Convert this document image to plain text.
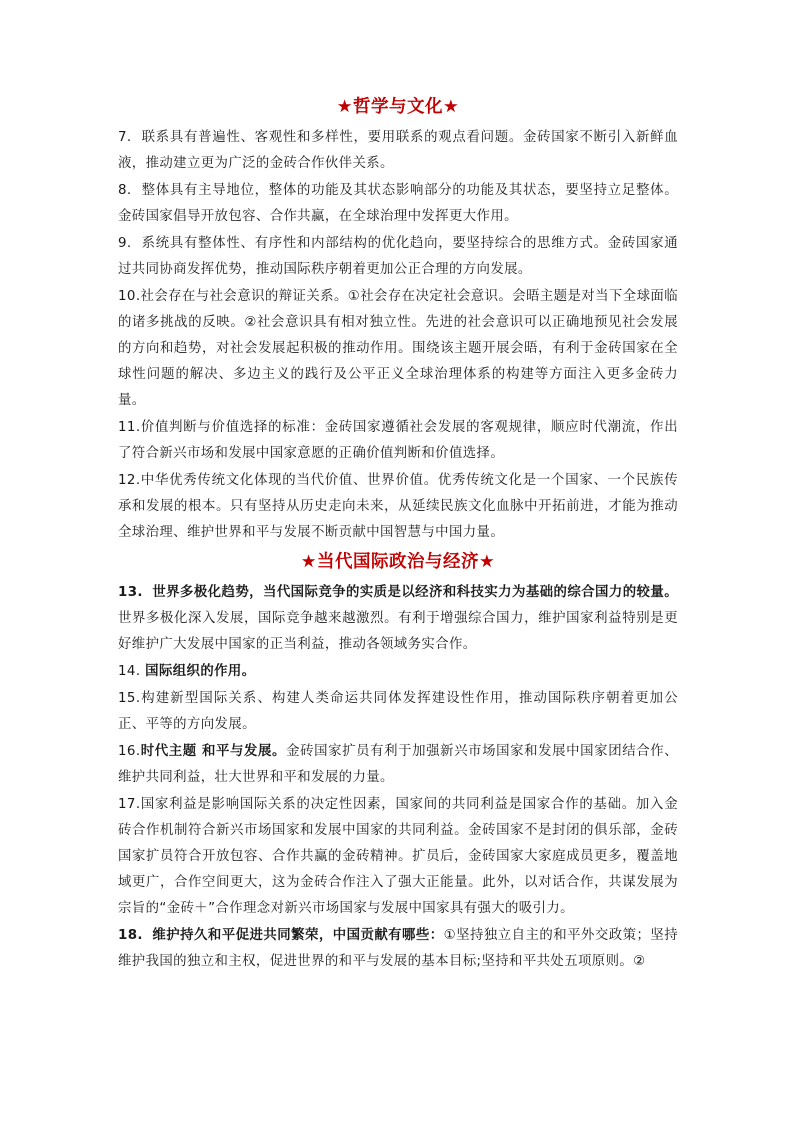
★哲学与文化★

7. 联系具有普遍性、客观性和多样性，要用联系的观点看问题。金砖国家不断引入新鲜血液，推动建立更为广泛的金砖合作伙伴关系。

8. 整体具有主导地位，整体的功能及其状态影响部分的功能及其状态，要坚持立足整体。金砖国家倡导开放包容、合作共赢，在全球治理中发挥更大作用。

9. 系统具有整体性、有序性和内部结构的优化趋向，要坚持综合的思维方式。金砖国家通过共同协商发挥优势，推动国际秩序朝着更加公正合理的方向发展。

10.社会存在与社会意识的辩证关系。①社会存在决定社会意识。会晤主题是对当下全球面临的诸多挑战的反映。②社会意识具有相对独立性。先进的社会意识可以正确地预见社会发展的方向和趋势，对社会发展起积极的推动作用。围绕该主题开展会晤，有利于金砖国家在全球性问题的解决、多边主义的践行及公平正义全球治理体系的构建等方面注入更多金砖力量。

11.价值判断与价值选择的标准：金砖国家遵循社会发展的客观规律，顺应时代潮流，作出了符合新兴市场和发展中国家意愿的正确价值判断和价值选择。

12.中华优秀传统文化体现的当代价值、世界价值。优秀传统文化是一个国家、一个民族传承和发展的根本。只有坚持从历史走向未来，从延续民族文化血脉中开拓前进，才能为推动全球治理、维护世界和平与发展不断贡献中国智慧与中国力量。

★当代国际政治与经济★

13. 世界多极化趋势，当代国际竞争的实质是以经济和科技实力为基础的综合国力的较量。世界多极化深入发展，国际竞争越来越激烈。有利于增强综合国力，维护国家利益特别是更好维护广大发展中国家的正当利益，推动各领域务实合作。

14. 国际组织的作用。

15.构建新型国际关系、构建人类命运共同体发挥建设性作用，推动国际秩序朝着更加公正、平等的方向发展。

16.时代主题 和平与发展。金砖国家扩员有利于加强新兴市场国家和发展中国家团结合作、维护共同利益，壮大世界和平和发展的力量。

17.国家利益是影响国际关系的决定性因素，国家间的共同利益是国家合作的基础。加入金砖合作机制符合新兴市场国家和发展中国家的共同利益。金砖国家不是封闭的俱乐部，金砖国家扩员符合开放包容、合作共赢的金砖精神。扩员后，金砖国家大家庭成员更多，覆盖地域更广，合作空间更大，这为金砖合作注入了强大正能量。此外，以对话合作，共谋发展为宗旨的“金砖＋”合作理念对新兴市场国家与发展中国家具有强大的吸引力。

18. 维护持久和平促进共同繁荣，中国贡献有哪些：①坚持独立自主的和平外交政策；坚持维护我国的独立和主权，促进世界的和平与发展的基本目标;坚持和平共处五项原则。②
